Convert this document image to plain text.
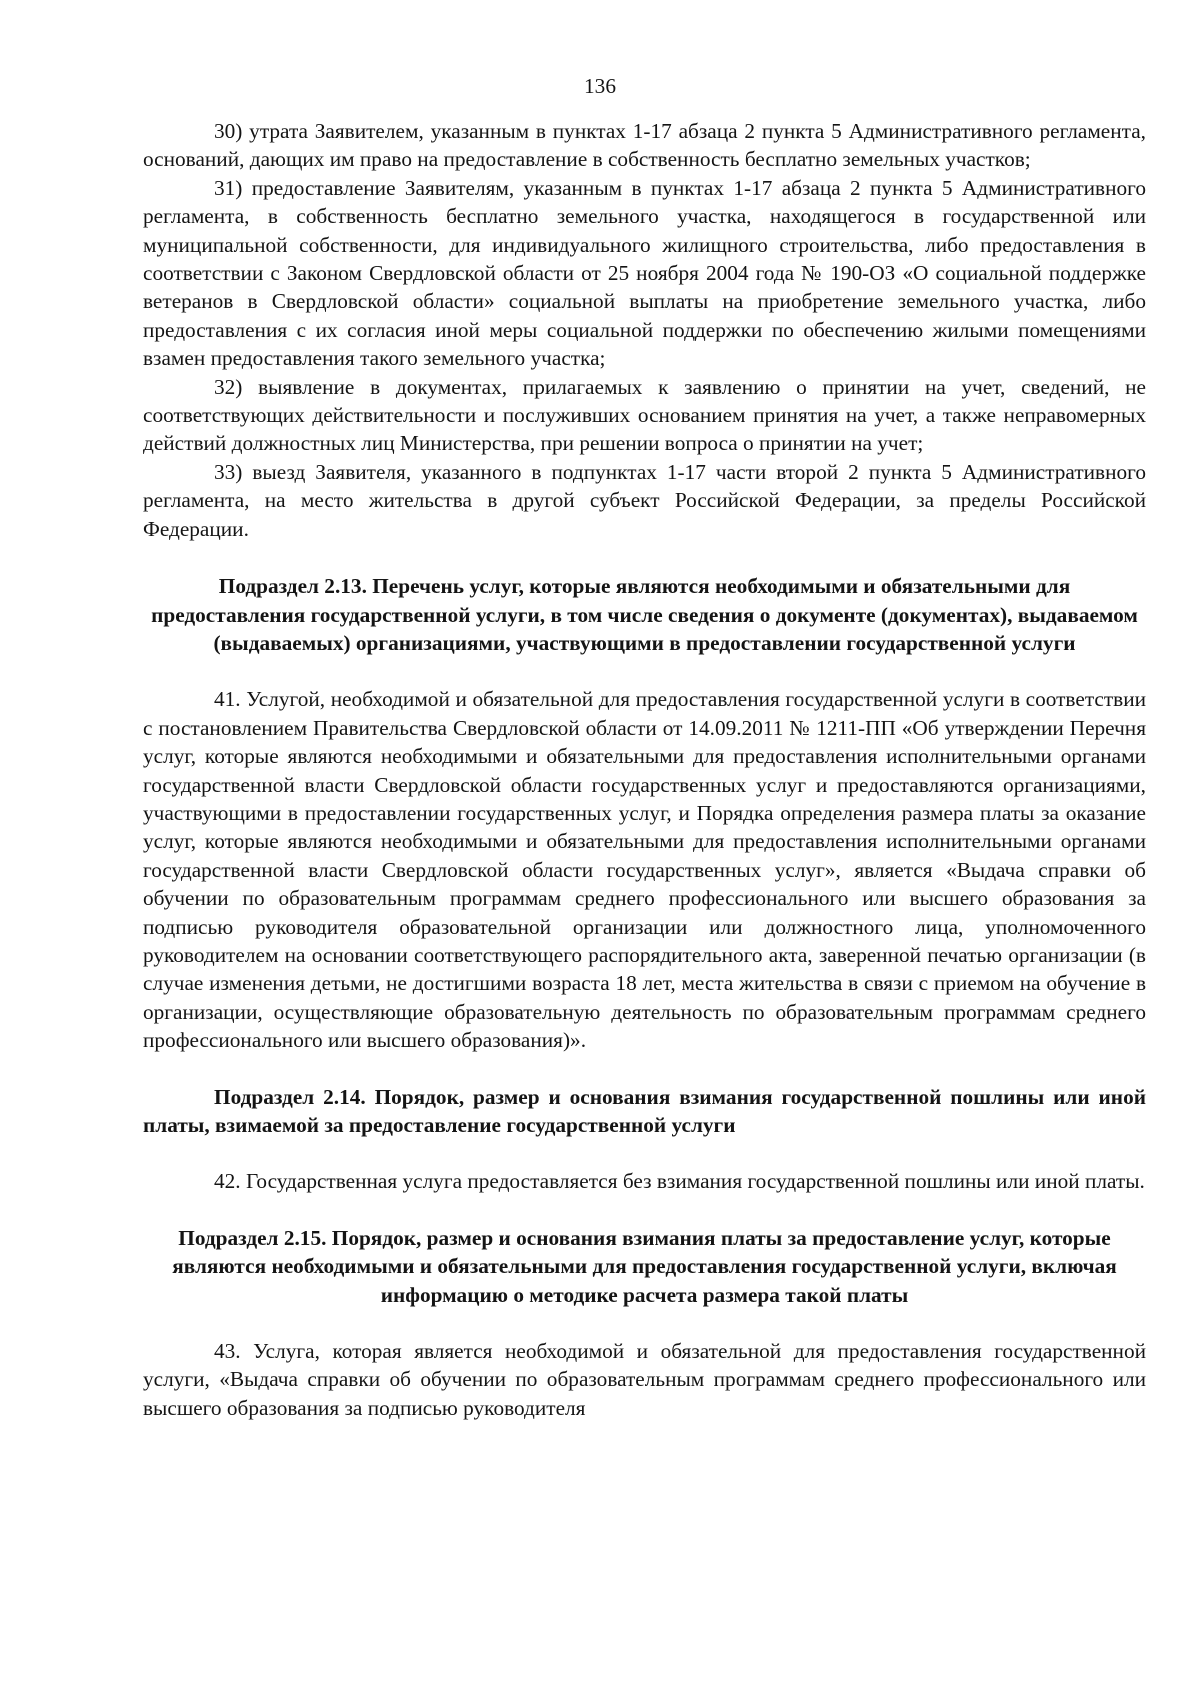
136

30) утрата Заявителем, указанным в пунктах 1-17 абзаца 2 пункта 5 Административного регламента, оснований, дающих им право на предоставление в собственность бесплатно земельных участков;

31) предоставление Заявителям, указанным в пунктах 1-17 абзаца 2 пункта 5 Административного регламента, в собственность бесплатно земельного участка, находящегося в государственной или муниципальной собственности, для индивидуального жилищного строительства, либо предоставления в соответствии с Законом Свердловской области от 25 ноября 2004 года № 190-ОЗ «О социальной поддержке ветеранов в Свердловской области» социальной выплаты на приобретение земельного участка, либо предоставления с их согласия иной меры социальной поддержки по обеспечению жилыми помещениями взамен предоставления такого земельного участка;

32) выявление в документах, прилагаемых к заявлению о принятии на учет, сведений, не соответствующих действительности и послуживших основанием принятия на учет, а также неправомерных действий должностных лиц Министерства, при решении вопроса о принятии на учет;

33) выезд Заявителя, указанного в подпунктах 1-17 части второй 2 пункта 5 Административного регламента, на место жительства в другой субъект Российской Федерации, за пределы Российской Федерации.

Подраздел 2.13. Перечень услуг, которые являются необходимыми и обязательными для предоставления государственной услуги, в том числе сведения о документе (документах), выдаваемом (выдаваемых) организациями, участвующими в предоставлении государственной услуги

41. Услугой, необходимой и обязательной для предоставления государственной услуги в соответствии с постановлением Правительства Свердловской области от 14.09.2011 № 1211-ПП «Об утверждении Перечня услуг, которые являются необходимыми и обязательными для предоставления исполнительными органами государственной власти Свердловской области государственных услуг и предоставляются организациями, участвующими в предоставлении государственных услуг, и Порядка определения размера платы за оказание услуг, которые являются необходимыми и обязательными для предоставления исполнительными органами государственной власти Свердловской области государственных услуг», является «Выдача справки об обучении по образовательным программам среднего профессионального или высшего образования за подписью руководителя образовательной организации или должностного лица, уполномоченного руководителем на основании соответствующего распорядительного акта, заверенной печатью организации (в случае изменения детьми, не достигшими возраста 18 лет, места жительства в связи с приемом на обучение в организации, осуществляющие образовательную деятельность по образовательным программам среднего профессионального или высшего образования)».

Подраздел 2.14. Порядок, размер и основания взимания государственной пошлины или иной платы, взимаемой за предоставление государственной услуги

42. Государственная услуга предоставляется без взимания государственной пошлины или иной платы.

Подраздел 2.15. Порядок, размер и основания взимания платы за предоставление услуг, которые являются необходимыми и обязательными для предоставления государственной услуги, включая информацию о методике расчета размера такой платы

43. Услуга, которая является необходимой и обязательной для предоставления государственной услуги, «Выдача справки об обучении по образовательным программам среднего профессионального или высшего образования за подписью руководителя
